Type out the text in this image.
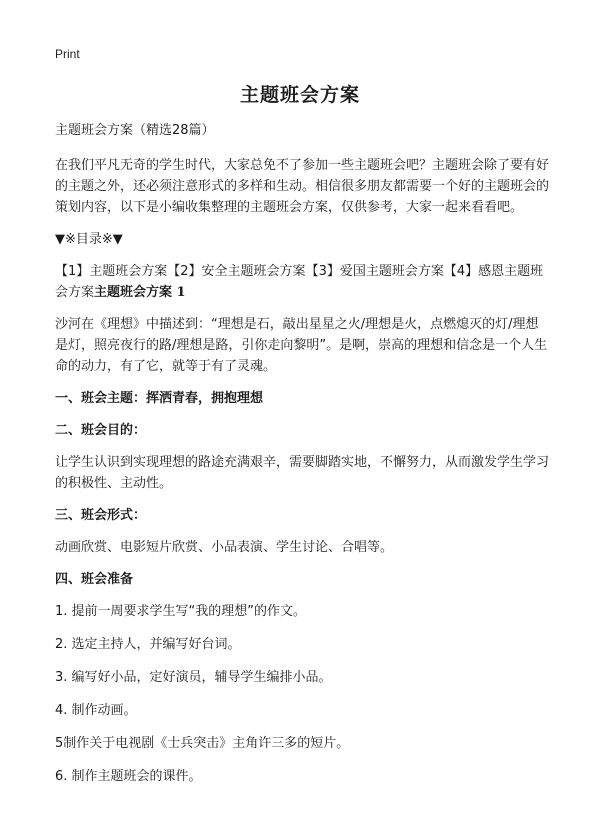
Print
主题班会方案

主题班会方案（精选28篇）

在我们平凡无奇的学生时代，大家总免不了参加一些主题班会吧？主题班会除了要有好的主题之外，还必须注意形式的多样和生动。相信很多朋友都需要一个好的主题班会的策划内容，以下是小编收集整理的主题班会方案，仅供参考，大家一起来看看吧。

▼※目录※▼

【1】主题班会方案【2】安全主题班会方案【3】爱国主题班会方案【4】感恩主题班会方案主题班会方案 1

沙河在《理想》中描述到：“理想是石，敲出星星之火/理想是火，点燃熄灭的灯/理想是灯，照亮夜行的路/理想是路，引你走向黎明”。是啊，崇高的理想和信念是一个人生命的动力，有了它，就等于有了灵魂。

一、班会主题：挥洒青春，拥抱理想

二、班会目的：

让学生认识到实现理想的路途充满艰辛，需要脚踏实地，不懈努力，从而激发学生学习的积极性、主动性。

三、班会形式：

动画欣赏、电影短片欣赏、小品表演、学生讨论、合唱等。

四、班会准备

1. 提前一周要求学生写“我的理想”的作文。

2. 选定主持人，并编写好台词。

3. 编写好小品，定好演员，辅导学生编排小品。

4. 制作动画。

5制作关于电视剧《士兵突击》主角许三多的短片。

6. 制作主题班会的课件。
